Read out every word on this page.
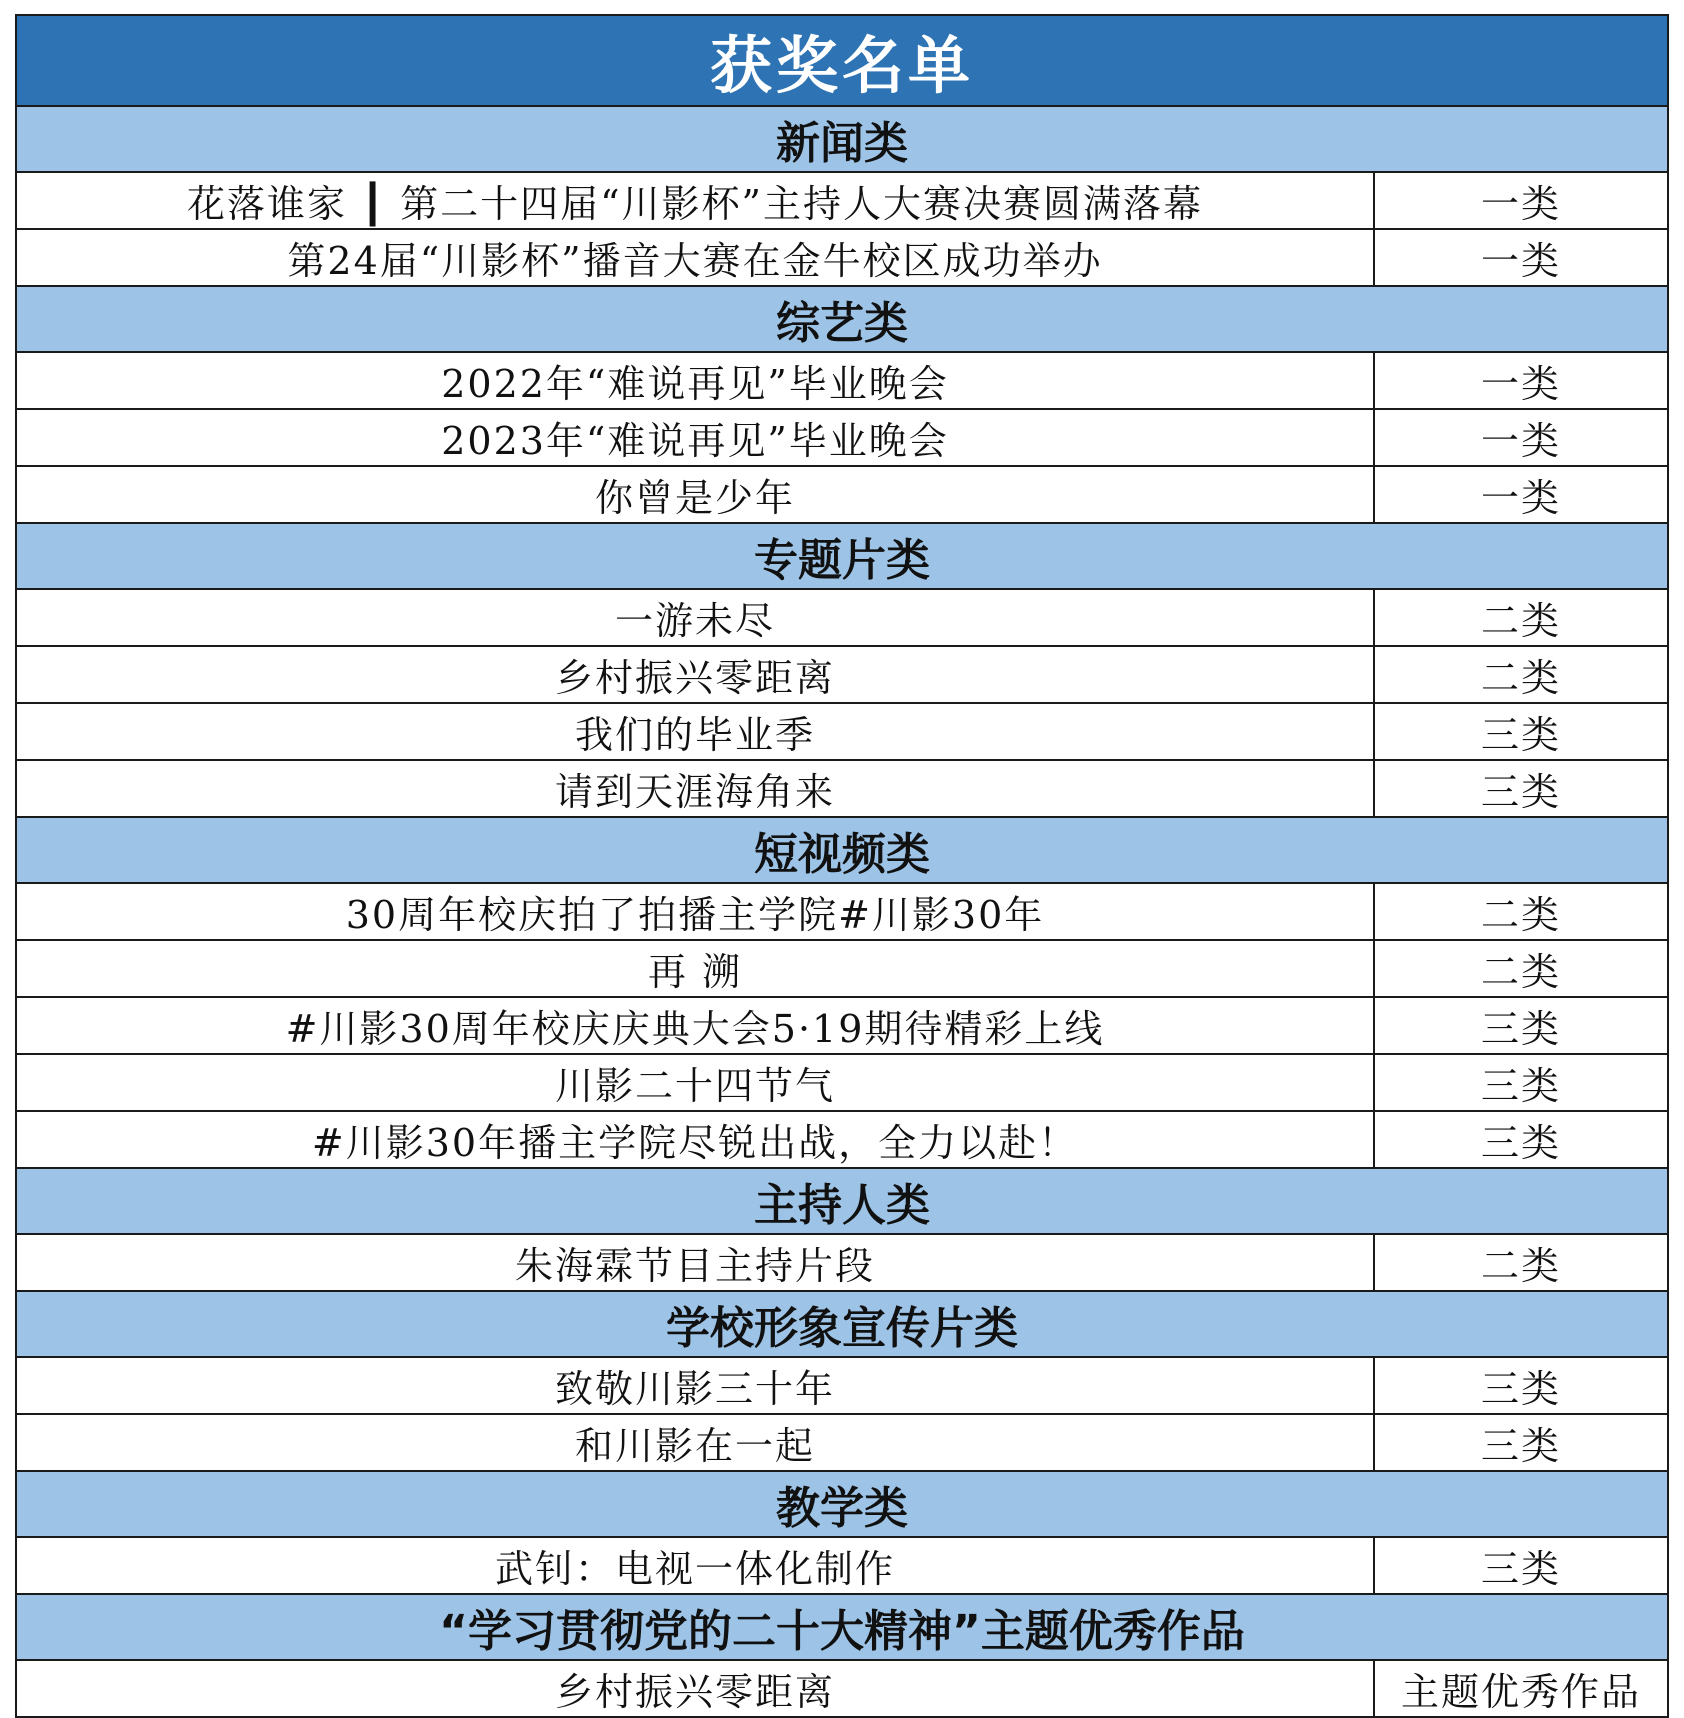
获奖名单	
新闻类	
花落谁家 ┃ 第二十四届“川影杯”主持人大赛决赛圆满落幕	一类
第24届“川影杯”播音大赛在金牛校区成功举办	一类
综艺类	
2022年“难说再见”毕业晚会	一类
2023年“难说再见”毕业晚会	一类
你曾是少年	一类
专题片类	
一游未尽	二类
乡村振兴零距离	二类
我们的毕业季	三类
请到天涯海角来	三类
短视频类	
30周年校庆拍了拍播主学院#川影30年	二类
再 溯	二类
#川影30周年校庆庆典大会5·19期待精彩上线	三类
川影二十四节气	三类
#川影30年播主学院尽锐出战，全力以赴！	三类
主持人类	
朱海霖节目主持片段	二类
学校形象宣传片类	
致敬川影三十年	三类
和川影在一起	三类
教学类	
武钊：电视一体化制作	三类
“学习贯彻党的二十大精神”主题优秀作品	
乡村振兴零距离	主题优秀作品
